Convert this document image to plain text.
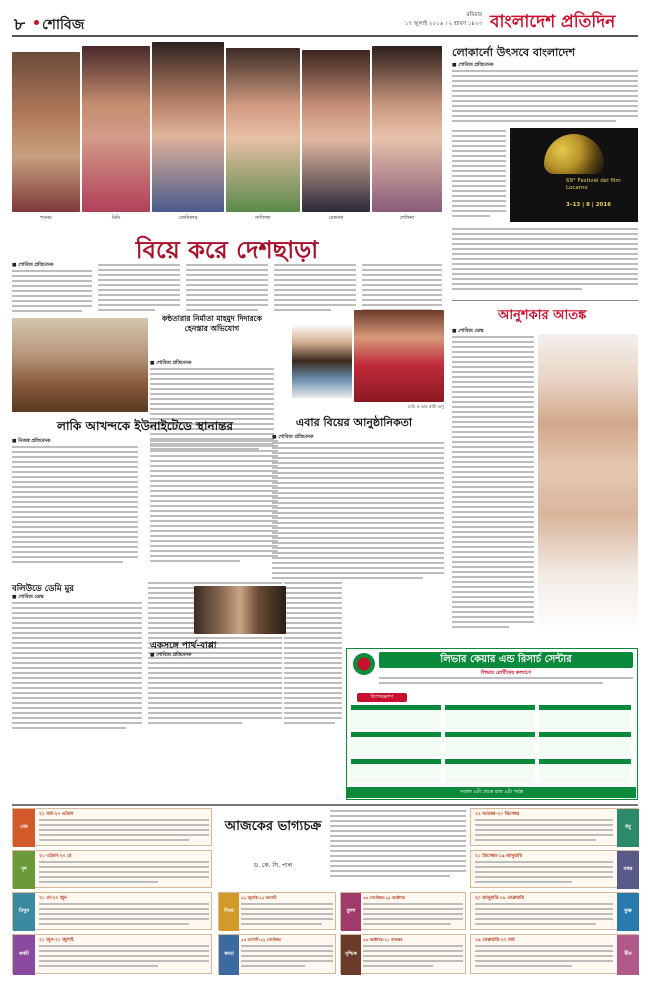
৮ শোবিজ
রবিবার
১৭ জুলাই ২০১৬ । ২ শ্রাবণ ১৪২৩ বাংলাদেশ প্রতিদিন
শবনম	মিমি	জেনিফার	নাফিজা	রোমানা	শেফিনা
বিয়ে করে দেশছাড়া
■ শোবিজ প্রতিবেদক
লোকার্নো উৎসবে বাংলাদেশ
■ শোবিজ প্রতিবেদক
69° Festival del film Locarno
3–13 | 8 | 2016
আনুশকার আতঙ্ক
■ শোবিজ ডেস্ক
কন্ঠতারার নির্মাতা মাহমুদ দিদারকে হেনস্তার অভিযোগ
■ শোবিজ প্রতিবেদক
লাকি আখন্দকে ইউনাইটেডে স্থানান্তর
■ নিজস্ব প্রতিবেদক
মাহি ও তার স্বামী অপু
এবার বিয়ের আনুষ্ঠানিকতা
■ শোবিজ প্রতিবেদক
বলিউডে ডেমি মুর
■ শোবিজ ডেস্ক
একসঙ্গে পার্থ-বাপ্পা
■ শোবিজ প্রতিবেদক	লিভার কেয়ার এন্ড রিসার্চ সেন্টার
লিভার রোগীদের কল্যাণে
বিশেষজ্ঞগণ
সকাল ৯টা থেকে রাত ৯টা পর্যন্ত
মেষ
২১ মার্চ-২০ এপ্রিল
বৃষ
২১ এপ্রিল-২০ মে
মিথুন
২১ মে-২০ জুন
কর্কট
২১ জুন-২১ জুলাই
আজকের ভাগ্যচক্র
ড. কে. সি. পাল
সিংহ
২২ জুলাই-২২ আগস্ট
কন্যা
২৩ আগস্ট-২২ সেপ্টেম্বর
তুলা
২৩ সেপ্টেম্বর-২২ অক্টোবর
বৃশ্চিক
২৩ অক্টোবর-২১ নভেম্বর
ধনু
২২ নভেম্বর-২০ ডিসেম্বর
মকর
২১ ডিসেম্বর-১৯ জানুয়ারি
কুম্ভ
২০ জানুয়ারি-১৮ ফেব্রুয়ারি
মীন
১৯ ফেব্রুয়ারি-২০ মার্চ
